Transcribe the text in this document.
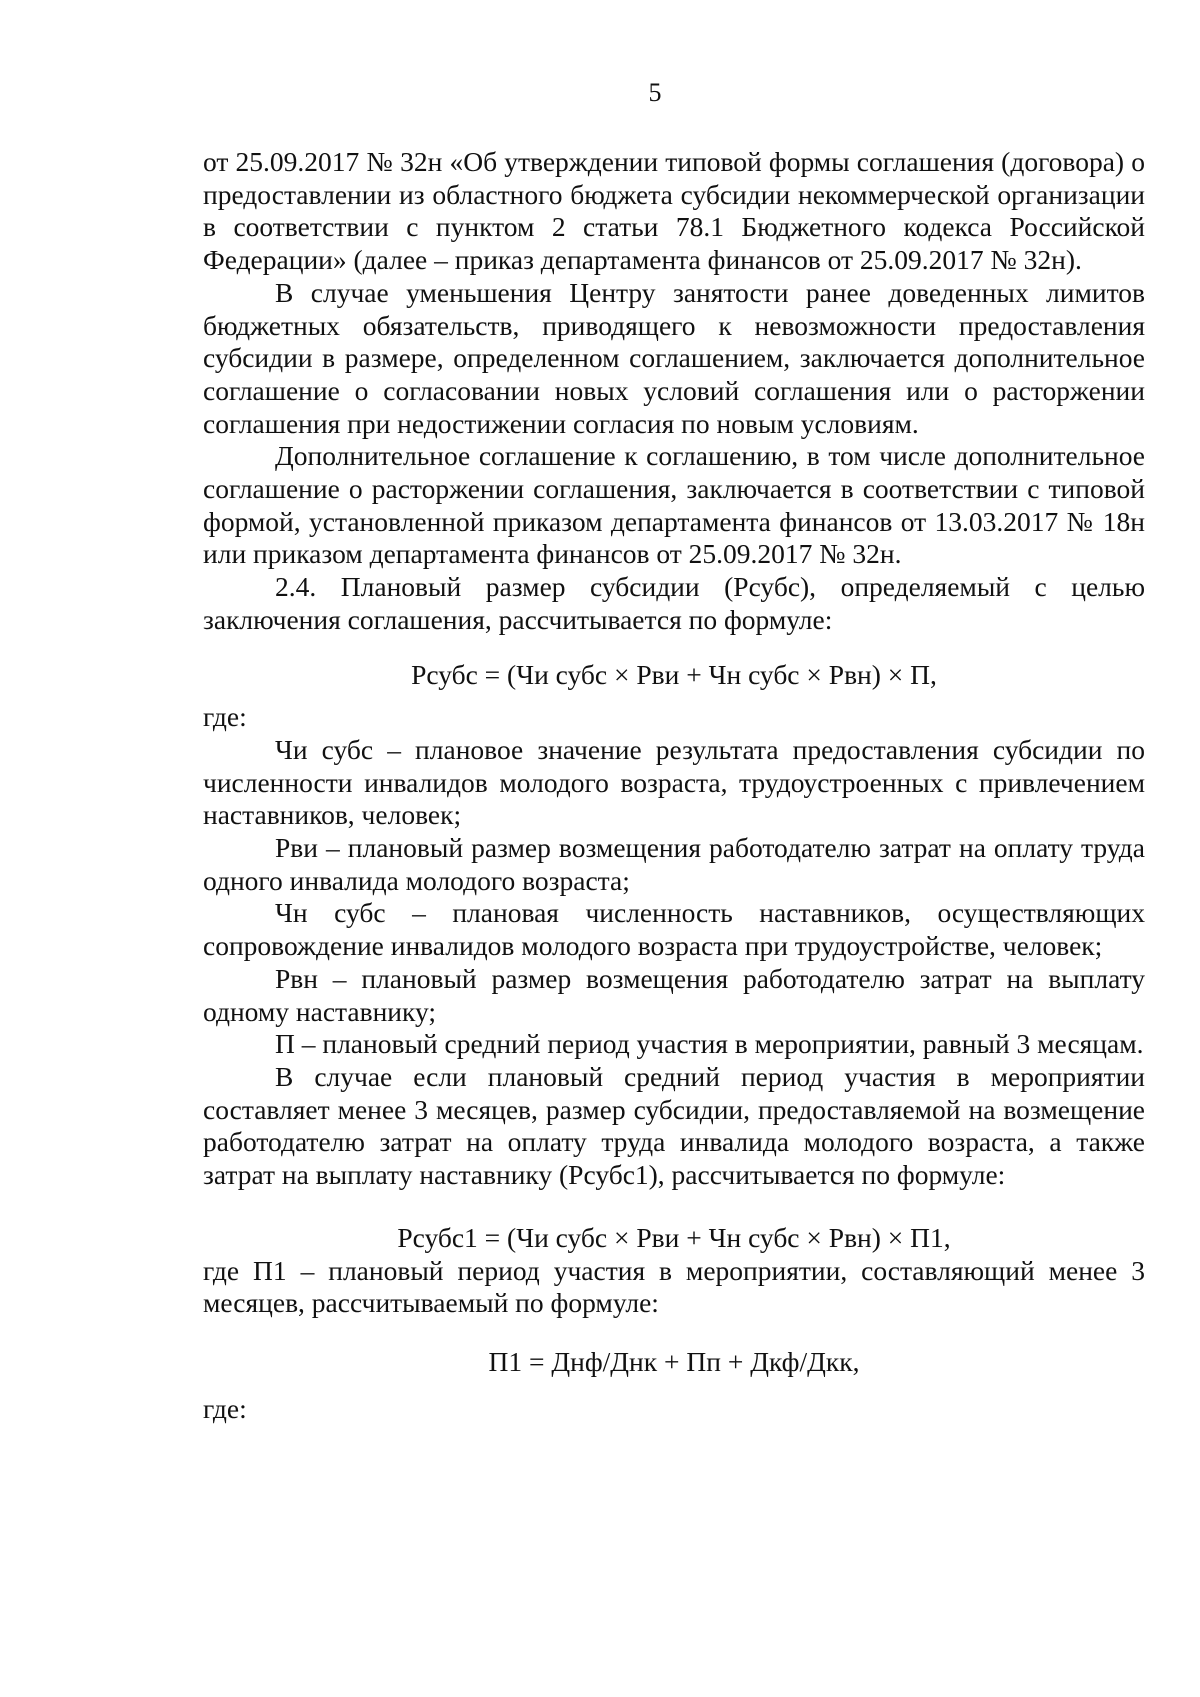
5

от 25.09.2017 № 32н «Об утверждении типовой формы соглашения (договора) о предоставлении из областного бюджета субсидии некоммерческой организации в соответствии с пунктом 2 статьи 78.1 Бюджетного кодекса Российской Федерации» (далее – приказ департамента финансов от 25.09.2017 № 32н).

В случае уменьшения Центру занятости ранее доведенных лимитов бюджетных обязательств, приводящего к невозможности предоставления субсидии в размере, определенном соглашением, заключается дополнительное соглашение о согласовании новых условий соглашения или о расторжении соглашения при недостижении согласия по новым условиям.

Дополнительное соглашение к соглашению, в том числе дополнительное соглашение о расторжении соглашения, заключается в соответствии с типовой формой, установленной приказом департамента финансов от 13.03.2017 № 18н или приказом департамента финансов от 25.09.2017 № 32н.

2.4. Плановый размер субсидии (Рсубс), определяемый с целью заключения соглашения, рассчитывается по формуле:

Рсубс = (Чи субс × Рви + Чн субс × Рвн) × П,

где:

Чи субс – плановое значение результата предоставления субсидии по численности инвалидов молодого возраста, трудоустроенных с привлечением наставников, человек;

Рви – плановый размер возмещения работодателю затрат на оплату труда одного инвалида молодого возраста;

Чн субс – плановая численность наставников, осуществляющих сопровождение инвалидов молодого возраста при трудоустройстве, человек;

Рвн – плановый размер возмещения работодателю затрат на выплату одному наставнику;

П – плановый средний период участия в мероприятии, равный 3 месяцам.

В случае если плановый средний период участия в мероприятии составляет менее 3 месяцев, размер субсидии, предоставляемой на возмещение работодателю затрат на оплату труда инвалида молодого возраста, а также затрат на выплату наставнику (Рсубс1), рассчитывается по формуле:

Рсубс1 = (Чи субс × Рви + Чн субс × Рвн) × П1,

где П1 – плановый период участия в мероприятии, составляющий менее 3 месяцев, рассчитываемый по формуле:

П1 = Днф/Днк + Пп + Дкф/Дкк,

где:
